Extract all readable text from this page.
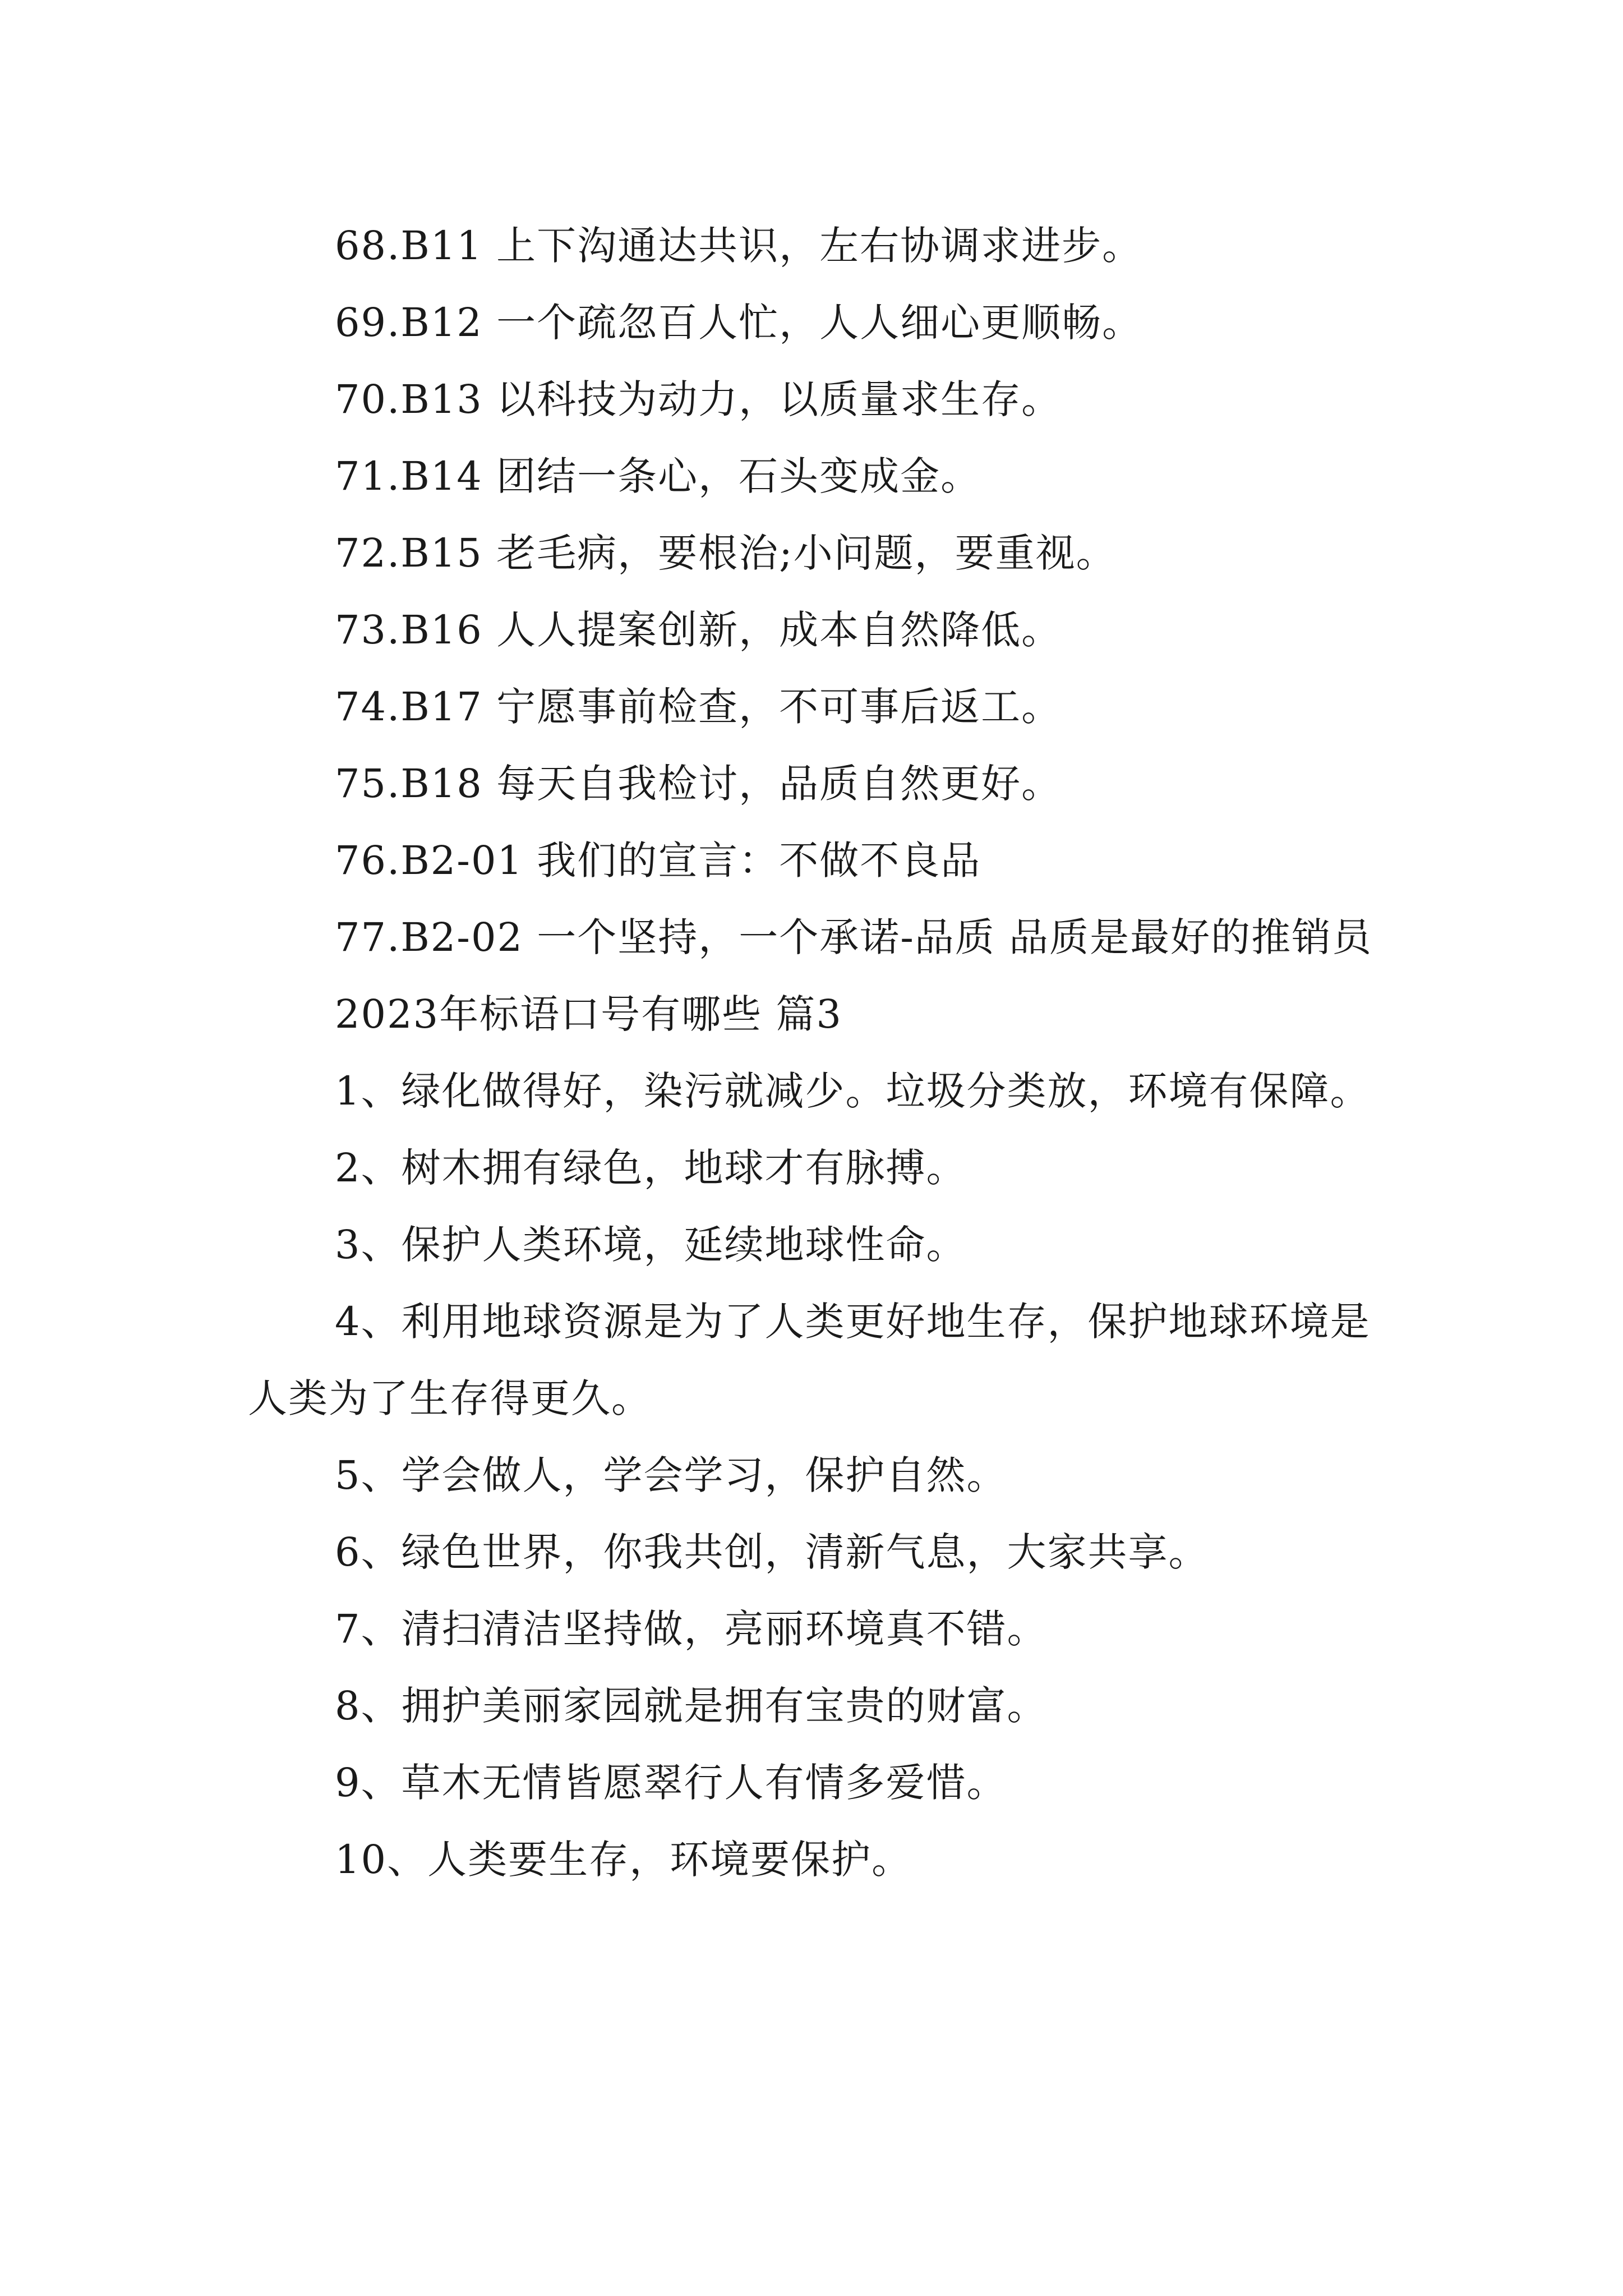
68.B11 上下沟通达共识，左右协调求进步。

69.B12 一个疏忽百人忙，人人细心更顺畅。

70.B13 以科技为动力，以质量求生存。

71.B14 团结一条心，石头变成金。

72.B15 老毛病，要根治;小问题，要重视。

73.B16 人人提案创新，成本自然降低。

74.B17 宁愿事前检查，不可事后返工。

75.B18 每天自我检讨，品质自然更好。

76.B2-01 我们的宣言：不做不良品

77.B2-02 一个坚持，一个承诺-品质 品质是最好的推销员

2023年标语口号有哪些 篇3

1、绿化做得好，染污就减少。垃圾分类放，环境有保障。

2、树木拥有绿色，地球才有脉搏。

3、保护人类环境，延续地球性命。

4、利用地球资源是为了人类更好地生存，保护地球环境是人类为了生存得更久。

5、学会做人，学会学习，保护自然。

6、绿色世界，你我共创，清新气息，大家共享。

7、清扫清洁坚持做，亮丽环境真不错。

8、拥护美丽家园就是拥有宝贵的财富。

9、草木无情皆愿翠行人有情多爱惜。

10、人类要生存，环境要保护。
